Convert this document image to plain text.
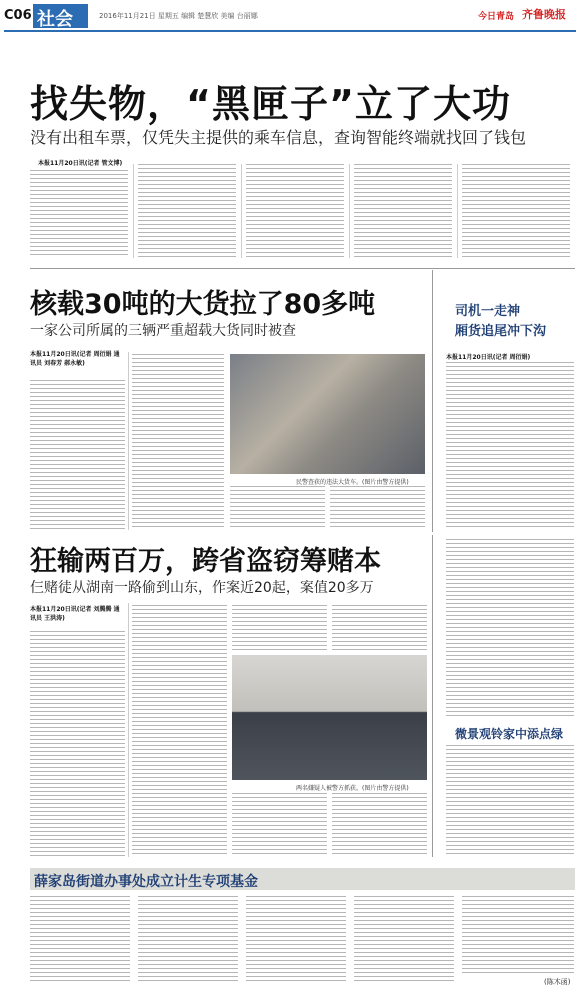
C06 社会	2016年11月21日 星期五 编辑 楚慧欣 美编 台丽娜	今日青岛 齐鲁晚报
找失物，“黑匣子”立了大功
没有出租车票，仅凭失主提供的乘车信息，查询智能终端就找回了钱包
本报11月20日讯(记者 管文博)
核载30吨的大货拉了80多吨
一家公司所属的三辆严重超载大货同时被查
本报11月20日讯(记者 周衍娟 通讯员 刘春芳 郝永敏)
民警查获的违法大货车。(图片由警方提供)
司机一走神
厢货追尾冲下沟
本报11月20日讯(记者 周衍娟)
狂输两百万，跨省盗窃筹赌本
仨赌徒从湖南一路偷到山东，作案近20起，案值20多万
本报11月20日讯(记者 刘腾腾 通讯员 王洪涛)
两名嫌疑人被警方抓获。(图片由警方提供)
微景观铃家中添点绿
薛家岛街道办事处成立计生专项基金
(陈木函)
